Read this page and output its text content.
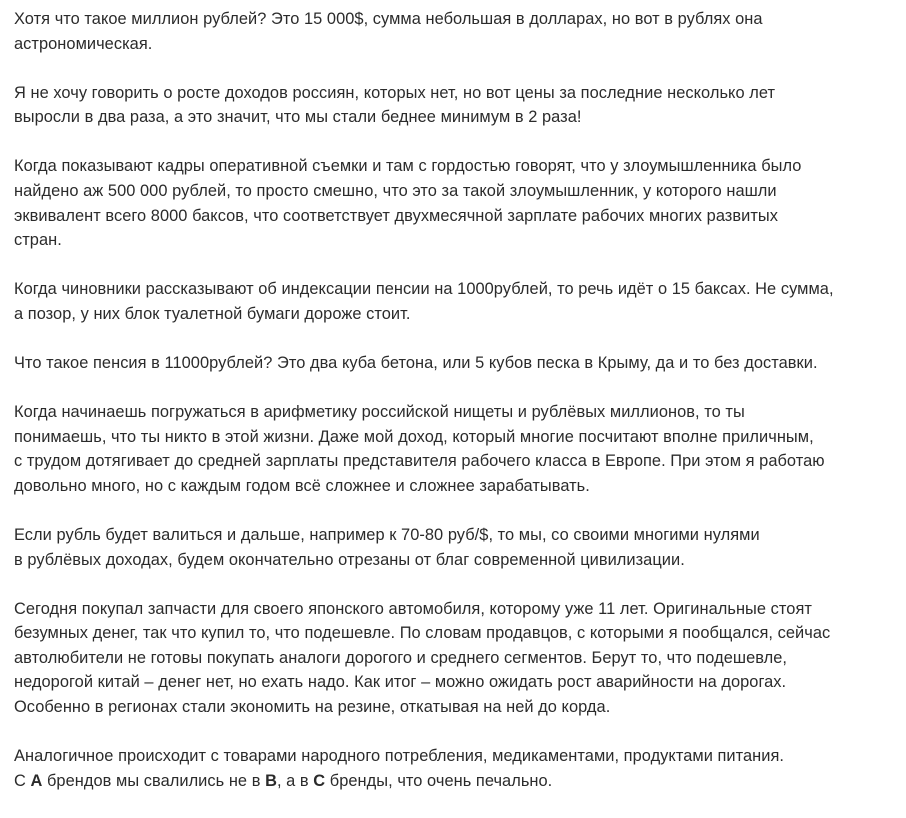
Хотя что такое миллион рублей? Это 15 000$, сумма небольшая в долларах, но вот в рублях она
астрономическая.

Я не хочу говорить о росте доходов россиян, которых нет, но вот цены за последние несколько лет
выросли в два раза, а это значит, что мы стали беднее минимум в 2 раза!

Когда показывают кадры оперативной съемки и там с гордостью говорят, что у злоумышленника было
найдено аж 500 000 рублей, то просто смешно, что это за такой злоумышленник, у которого нашли
эквивалент всего 8000 баксов, что соответствует двухмесячной зарплате рабочих многих развитых
стран.

Когда чиновники рассказывают об индексации пенсии на 1000рублей, то речь идёт о 15 баксах. Не сумма,
а позор, у них блок туалетной бумаги дороже стоит.

Что такое пенсия в 11000рублей? Это два куба бетона, или 5 кубов песка в Крыму, да и то без доставки.

Когда начинаешь погружаться в арифметику российской нищеты и рублёвых миллионов, то ты
понимаешь, что ты никто в этой жизни. Даже мой доход, который многие посчитают вполне приличным,
с трудом дотягивает до средней зарплаты представителя рабочего класса в Европе. При этом я работаю
довольно много, но с каждым годом всё сложнее и сложнее зарабатывать.

Если рубль будет валиться и дальше, например к 70-80 руб/$, то мы, со своими многими нулями
в рублёвых доходах, будем окончательно отрезаны от благ современной цивилизации.

Сегодня покупал запчасти для своего японского автомобиля, которому уже 11 лет. Оригинальные стоят
безумных денег, так что купил то, что подешевле. По словам продавцов, с которыми я пообщался, сейчас
автолюбители не готовы покупать аналоги дорогого и среднего сегментов. Берут то, что подешевле,
недорогой китай – денег нет, но ехать надо. Как итог – можно ожидать рост аварийности на дорогах.
Особенно в регионах стали экономить на резине, откатывая на ней до корда.

Аналогичное происходит с товарами народного потребления, медикаментами, продуктами питания.
С A брендов мы свалились не в B, а в C бренды, что очень печально.
